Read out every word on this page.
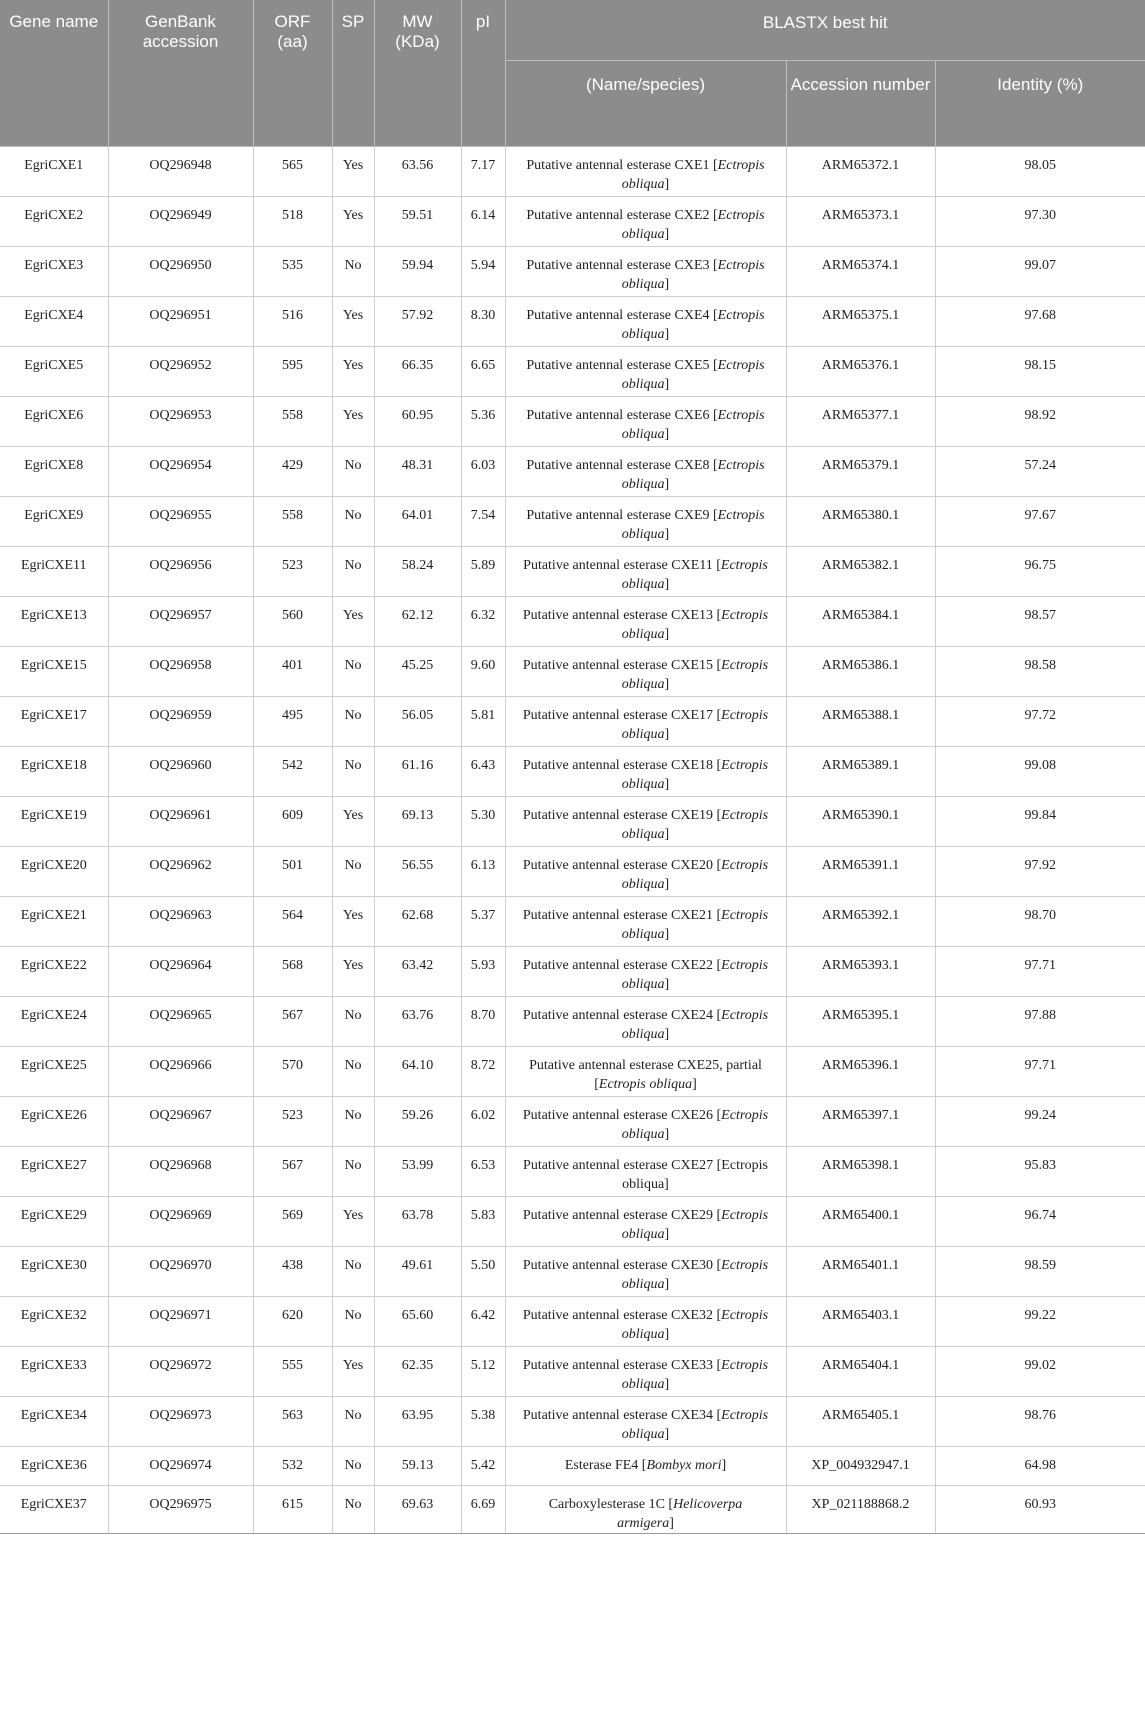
Gene name	GenBank accession	ORF (aa)	SP	MW (KDa)	pI	BLASTX best hit		
						(Name/species)	Accession number	Identity (%)
EgriCXE1	OQ296948	565	Yes	63.56	7.17	Putative antennal esterase CXE1 [Ectropis obliqua]	ARM65372.1	98.05
EgriCXE2	OQ296949	518	Yes	59.51	6.14	Putative antennal esterase CXE2 [Ectropis obliqua]	ARM65373.1	97.30
EgriCXE3	OQ296950	535	No	59.94	5.94	Putative antennal esterase CXE3 [Ectropis obliqua]	ARM65374.1	99.07
EgriCXE4	OQ296951	516	Yes	57.92	8.30	Putative antennal esterase CXE4 [Ectropis obliqua]	ARM65375.1	97.68
EgriCXE5	OQ296952	595	Yes	66.35	6.65	Putative antennal esterase CXE5 [Ectropis obliqua]	ARM65376.1	98.15
EgriCXE6	OQ296953	558	Yes	60.95	5.36	Putative antennal esterase CXE6 [Ectropis obliqua]	ARM65377.1	98.92
EgriCXE8	OQ296954	429	No	48.31	6.03	Putative antennal esterase CXE8 [Ectropis obliqua]	ARM65379.1	57.24
EgriCXE9	OQ296955	558	No	64.01	7.54	Putative antennal esterase CXE9 [Ectropis obliqua]	ARM65380.1	97.67
EgriCXE11	OQ296956	523	No	58.24	5.89	Putative antennal esterase CXE11 [Ectropis obliqua]	ARM65382.1	96.75
EgriCXE13	OQ296957	560	Yes	62.12	6.32	Putative antennal esterase CXE13 [Ectropis obliqua]	ARM65384.1	98.57
EgriCXE15	OQ296958	401	No	45.25	9.60	Putative antennal esterase CXE15 [Ectropis obliqua]	ARM65386.1	98.58
EgriCXE17	OQ296959	495	No	56.05	5.81	Putative antennal esterase CXE17 [Ectropis obliqua]	ARM65388.1	97.72
EgriCXE18	OQ296960	542	No	61.16	6.43	Putative antennal esterase CXE18 [Ectropis obliqua]	ARM65389.1	99.08
EgriCXE19	OQ296961	609	Yes	69.13	5.30	Putative antennal esterase CXE19 [Ectropis obliqua]	ARM65390.1	99.84
EgriCXE20	OQ296962	501	No	56.55	6.13	Putative antennal esterase CXE20 [Ectropis obliqua]	ARM65391.1	97.92
EgriCXE21	OQ296963	564	Yes	62.68	5.37	Putative antennal esterase CXE21 [Ectropis obliqua]	ARM65392.1	98.70
EgriCXE22	OQ296964	568	Yes	63.42	5.93	Putative antennal esterase CXE22 [Ectropis obliqua]	ARM65393.1	97.71
EgriCXE24	OQ296965	567	No	63.76	8.70	Putative antennal esterase CXE24 [Ectropis obliqua]	ARM65395.1	97.88
EgriCXE25	OQ296966	570	No	64.10	8.72	Putative antennal esterase CXE25, partial [Ectropis obliqua]	ARM65396.1	97.71
EgriCXE26	OQ296967	523	No	59.26	6.02	Putative antennal esterase CXE26 [Ectropis obliqua]	ARM65397.1	99.24
EgriCXE27	OQ296968	567	No	53.99	6.53	Putative antennal esterase CXE27 [Ectropis obliqua]	ARM65398.1	95.83
EgriCXE29	OQ296969	569	Yes	63.78	5.83	Putative antennal esterase CXE29 [Ectropis obliqua]	ARM65400.1	96.74
EgriCXE30	OQ296970	438	No	49.61	5.50	Putative antennal esterase CXE30 [Ectropis obliqua]	ARM65401.1	98.59
EgriCXE32	OQ296971	620	No	65.60	6.42	Putative antennal esterase CXE32 [Ectropis obliqua]	ARM65403.1	99.22
EgriCXE33	OQ296972	555	Yes	62.35	5.12	Putative antennal esterase CXE33 [Ectropis obliqua]	ARM65404.1	99.02
EgriCXE34	OQ296973	563	No	63.95	5.38	Putative antennal esterase CXE34 [Ectropis obliqua]	ARM65405.1	98.76
EgriCXE36	OQ296974	532	No	59.13	5.42	Esterase FE4 [Bombyx mori]	XP_004932947.1	64.98
EgriCXE37	OQ296975	615	No	69.63	6.69	Carboxylesterase 1C [Helicoverpa armigera]	XP_021188868.2	60.93
